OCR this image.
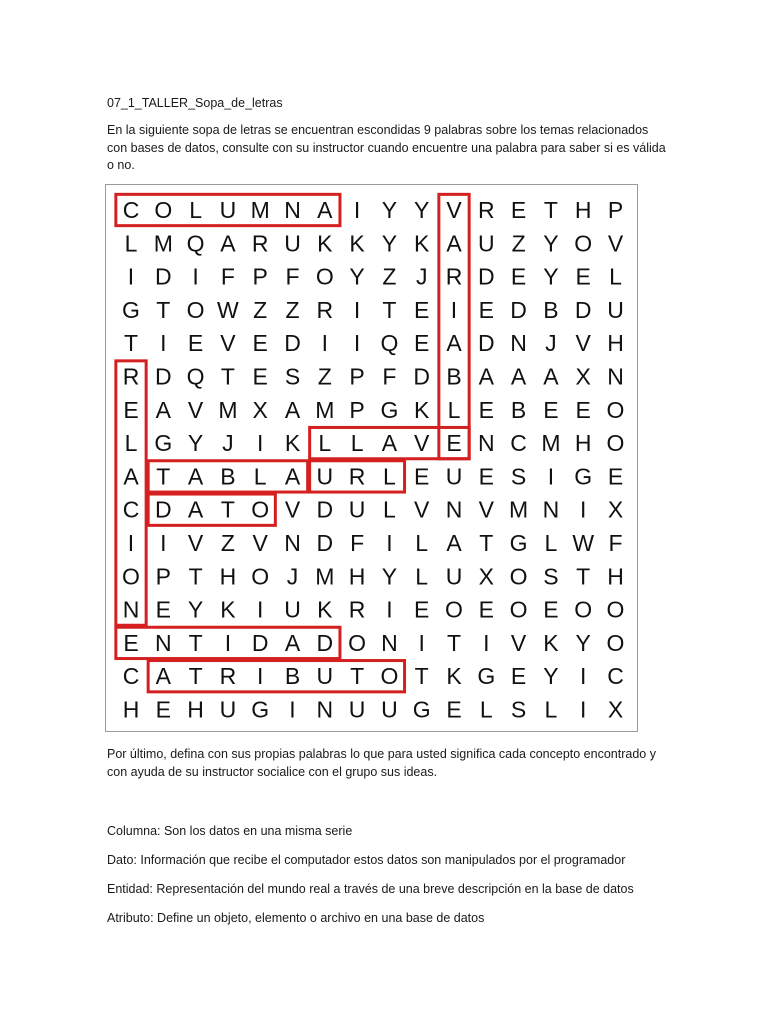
07_1_TALLER_Sopa_de_letras
En la siguiente sopa de letras se encuentran escondidas 9 palabras sobre los temas relacionados con bases de datos, consulte con su instructor cuando encuentre una palabra para saber si es válida o no.
C O L U M N A I Y Y V R E T H P
L M Q A R U K K Y K A U Z Y O V
I D I F P F O Y Z J R D E Y E L
G T O W Z Z R I T E I E D B D U
T I E V E D I I Q E A D N J V H
R D Q T E S Z P F D B A A A X N
E A V M X A M P G K L E B E E O
L G Y J I K L L A V E N C M H O
A T A B L A U R L E U E S I G E
C D A T O V D U L V N V M N I X
I I V Z V N D F I L A T G L W F
O P T H O J M H Y L U X O S T H
N E Y K I U K R I E O E O E O O
E N T I D A D O N I T I V K Y O
C A T R I B U T O T K G E Y I C
H E H U G I N U U G E L S L I X
Por último, defina con sus propias palabras lo que para usted significa cada concepto encontrado y con ayuda de su instructor socialice con el grupo sus ideas.
Columna: Son los datos en una misma serie
Dato: Información que recibe el computador estos datos son manipulados por el programador
Entidad: Representación del mundo real a través de una breve descripción en la base de datos
Atributo: Define un objeto, elemento o archivo en una base de datos
